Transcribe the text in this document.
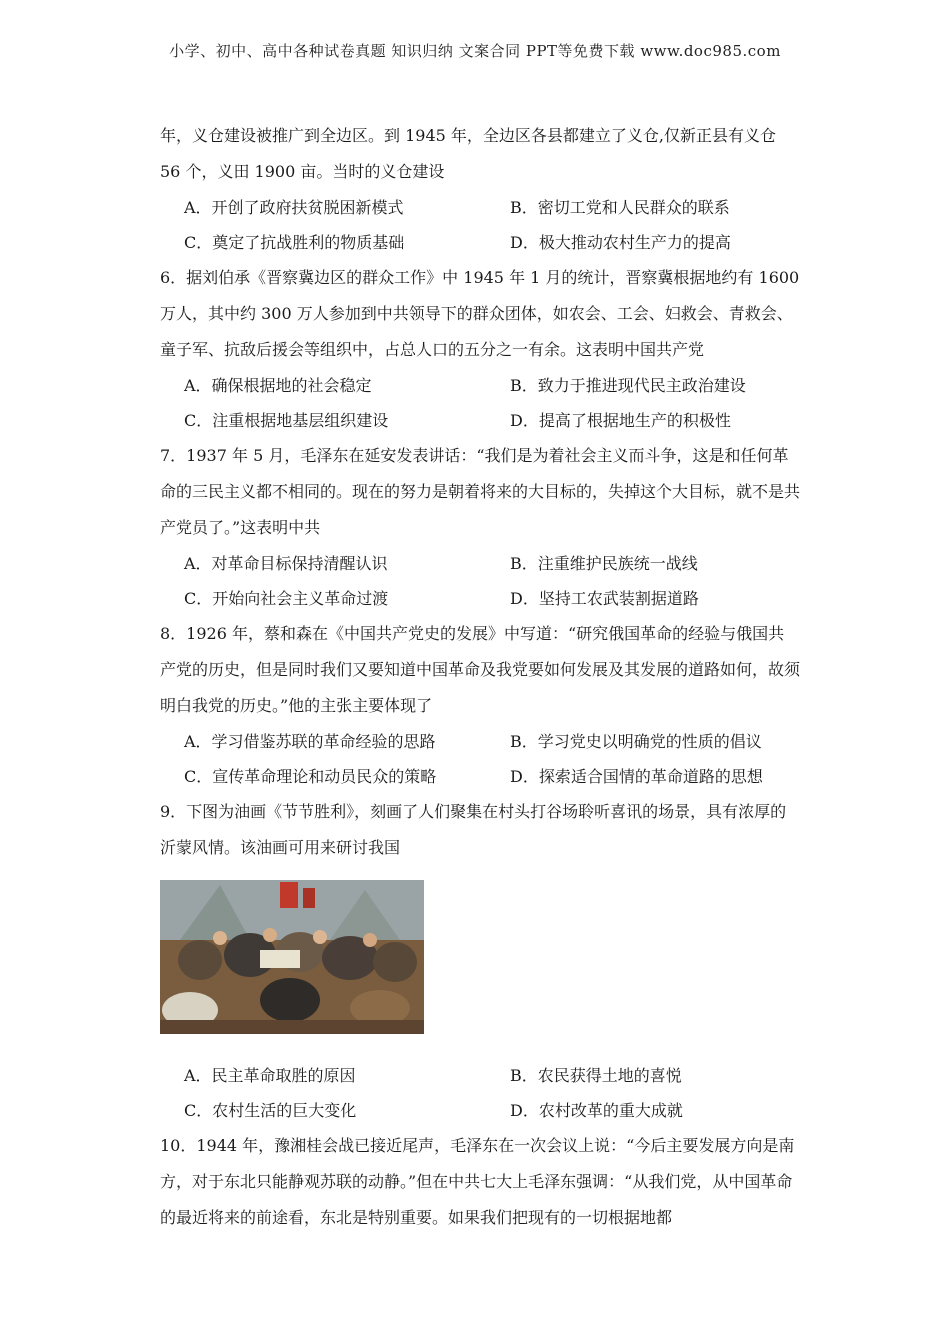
小学、初中、高中各种试卷真题 知识归纳 文案合同 PPT等免费下载 www.doc985.com

年，义仓建设被推广到全边区。到 1945 年，全边区各县都建立了义仓,仅新正县有义仓 56 个，义田 1900 亩。当时的义仓建设

A．开创了政府扶贫脱困新模式	B．密切工党和人民群众的联系
C．奠定了抗战胜利的物质基础	D．极大推动农村生产力的提高

6．据刘伯承《晋察冀边区的群众工作》中 1945 年 1 月的统计，晋察冀根据地约有 1600 万人，其中约 300 万人参加到中共领导下的群众团体，如农会、工会、妇救会、青救会、童子军、抗敌后援会等组织中，占总人口的五分之一有余。这表明中国共产党

A．确保根据地的社会稳定	B．致力于推进现代民主政治建设
C．注重根据地基层组织建设	D．提高了根据地生产的积极性

7．1937 年 5 月，毛泽东在延安发表讲话：“我们是为着社会主义而斗争，这是和任何革命的三民主义都不相同的。现在的努力是朝着将来的大目标的，失掉这个大目标，就不是共产党员了。”这表明中共

A．对革命目标保持清醒认识	B．注重维护民族统一战线
C．开始向社会主义革命过渡	D．坚持工农武装割据道路

8．1926 年，蔡和森在《中国共产党史的发展》中写道：“研究俄国革命的经验与俄国共产党的历史，但是同时我们又要知道中国革命及我党要如何发展及其发展的道路如何，故须明白我党的历史。”他的主张主要体现了

A．学习借鉴苏联的革命经验的思路	B．学习党史以明确党的性质的倡议
C．宣传革命理论和动员民众的策略	D．探索适合国情的革命道路的思想

9．下图为油画《节节胜利》，刻画了人们聚集在村头打谷场聆听喜讯的场景，具有浓厚的沂蒙风情。该油画可用来研讨我国

A．民主革命取胜的原因	B．农民获得土地的喜悦
C．农村生活的巨大变化	D．农村改革的重大成就

10．1944 年，豫湘桂会战已接近尾声，毛泽东在一次会议上说：“今后主要发展方向是南方，对于东北只能静观苏联的动静。”但在中共七大上毛泽东强调：“从我们党，从中国革命的最近将来的前途看，东北是特别重要。如果我们把现有的一切根据地都
